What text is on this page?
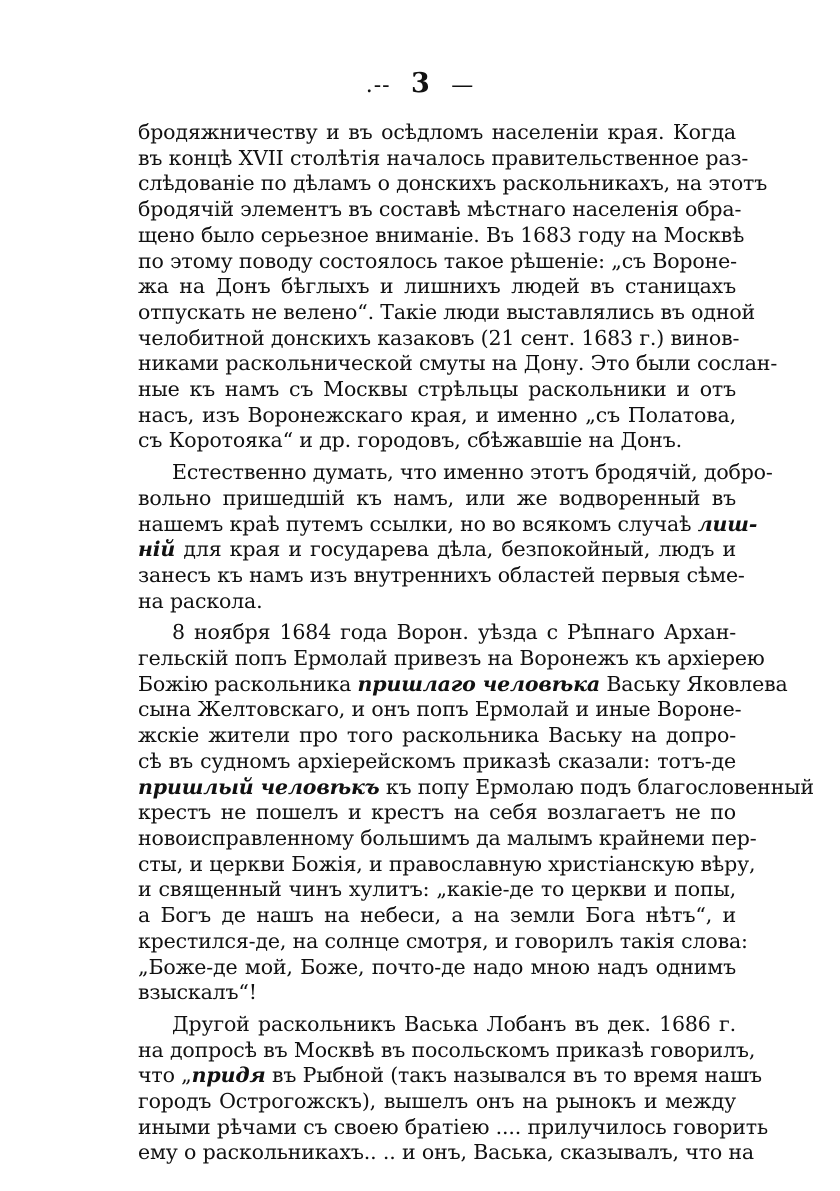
.-- 3 —

бродяжничеству и въ осѣдломъ населеніи края. Когда
въ концѣ XVII столѣтія началось правительственное раз-
слѣдованіе по дѣламъ о донскихъ раскольникахъ, на этотъ
бродячій элементъ въ составѣ мѣстнаго населенія обра-
щено было серьезное вниманіе. Въ 1683 году на Москвѣ
по этому поводу состоялось такое рѣшеніе: „съ Вороне-
жа на Донъ бѣглыхъ и лишнихъ людей въ станицахъ
отпускать не велено“. Такіе люди выставлялись въ одной
челобитной донскихъ казаковъ (21 сент. 1683 г.) винов-
никами раскольнической смуты на Дону. Это были сослан-
ные къ намъ съ Москвы стрѣльцы раскольники и отъ
насъ, изъ Воронежскаго края, и именно „съ Полатова,
съ Коротояка“ и др. городовъ, сбѣжавшіе на Донъ.

Естественно думать, что именно этотъ бродячій, добро-
вольно пришедшій къ намъ, или же водворенный въ
нашемъ краѣ путемъ ссылки, но во всякомъ случаѣ лиш-
ній для края и государева дѣла, безпокойный, людъ и
занесъ къ намъ изъ внутреннихъ областей первыя сѣме-
на раскола.

8 ноября 1684 года Ворон. уѣзда с Рѣпнаго Архан-
гельскій попъ Ермолай привезъ на Воронежъ къ архіерею
Божію раскольника пришлаго человѣка Ваську Яковлева
сына Желтовскаго, и онъ попъ Ермолай и иные Вороне-
жскіе жители про того раскольника Ваську на допро-
сѣ въ судномъ архіерейскомъ приказѣ сказали: тотъ-де
пришлый человѣкъ къ попу Ермолаю подъ благословенный
крестъ не пошелъ и крестъ на себя возлагаетъ не по
новоисправленному большимъ да малымъ крайнеми пер-
сты, и церкви Божія, и православную христіанскую вѣру,
и священный чинъ хулитъ: „какіе-де то церкви и попы,
а Богъ де нашъ на небеси, а на земли Бога нѣтъ“, и
крестился-де, на солнце смотря, и говорилъ такія слова:
„Боже-де мой, Боже, почто-де надо мною надъ однимъ
взыскалъ“!

Другой раскольникъ Васька Лобанъ въ дек. 1686 г.
на допросѣ въ Москвѣ въ посольскомъ приказѣ говорилъ,
что „придя въ Рыбной (такъ назывался въ то время нашъ
городъ Острогожскъ), вышелъ онъ на рынокъ и между
иными рѣчами съ своею братіею .... прилучилось говорить
ему о раскольникахъ.. .. и онъ, Васька, сказывалъ, что на
